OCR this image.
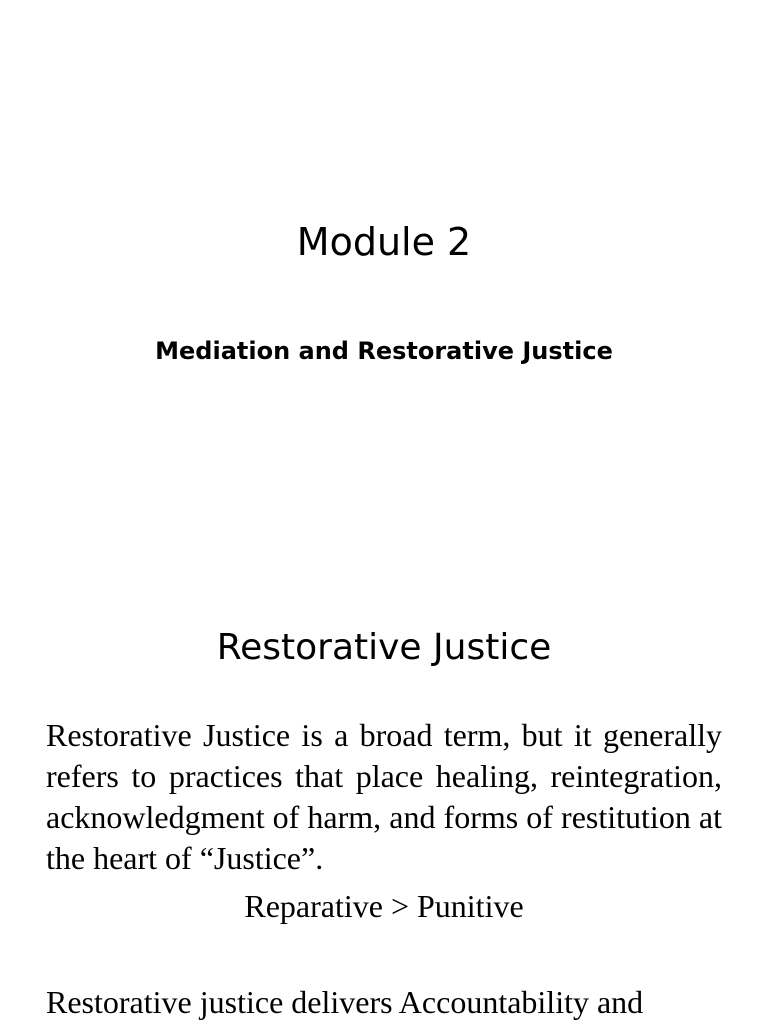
Module 2
Mediation and Restorative Justice
Restorative Justice

Restorative Justice is a broad term, but it generally refers to practices that place healing, reintegration, acknowledgment of harm, and forms of restitution at the heart of “Justice”.

Reparative > Punitive

Restorative justice delivers Accountability and
